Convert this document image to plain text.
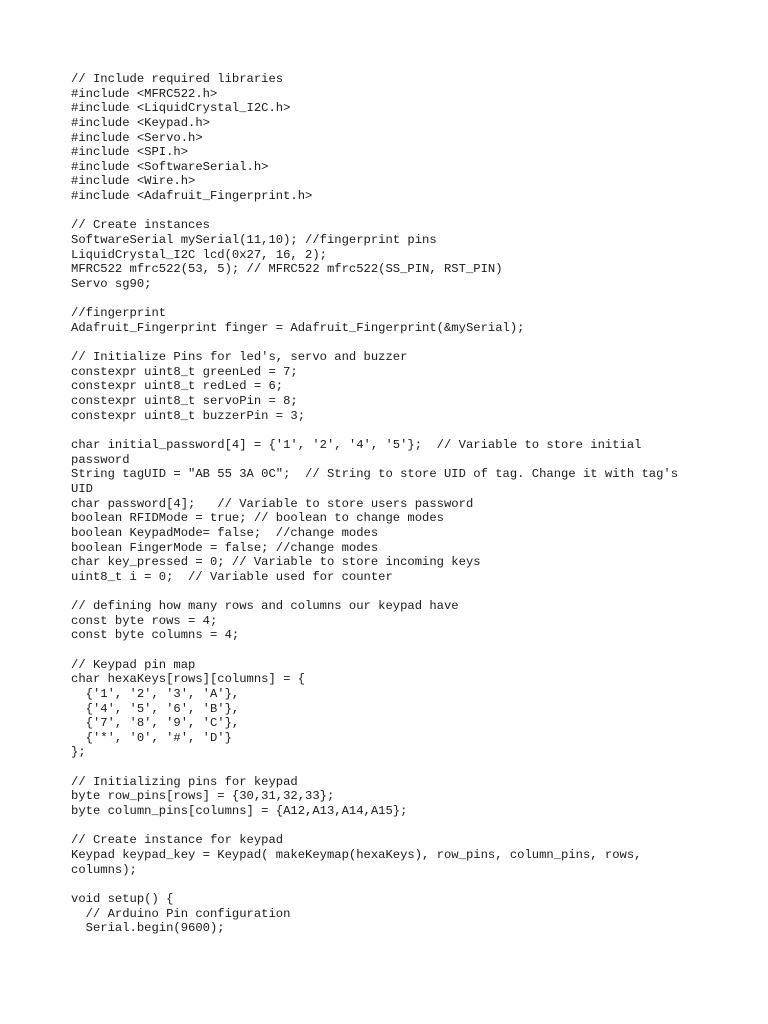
// Include required libraries
#include <MFRC522.h>
#include <LiquidCrystal_I2C.h>
#include <Keypad.h>
#include <Servo.h>
#include <SPI.h>
#include <SoftwareSerial.h>
#include <Wire.h>
#include <Adafruit_Fingerprint.h>
// Create instances
SoftwareSerial mySerial(11,10); //fingerprint pins
LiquidCrystal_I2C lcd(0x27, 16, 2);
MFRC522 mfrc522(53, 5); // MFRC522 mfrc522(SS_PIN, RST_PIN)
Servo sg90;
//fingerprint
Adafruit_Fingerprint finger = Adafruit_Fingerprint(&mySerial);
// Initialize Pins for led's, servo and buzzer
constexpr uint8_t greenLed = 7;
constexpr uint8_t redLed = 6;
constexpr uint8_t servoPin = 8;
constexpr uint8_t buzzerPin = 3;
char initial_password[4] = {'1', '2', '4', '5'};  // Variable to store initial
password
String tagUID = "AB 55 3A 0C";  // String to store UID of tag. Change it with tag's
UID
char password[4];   // Variable to store users password
boolean RFIDMode = true; // boolean to change modes
boolean KeypadMode= false;  //change modes
boolean FingerMode = false; //change modes
char key_pressed = 0; // Variable to store incoming keys
uint8_t i = 0;  // Variable used for counter
// defining how many rows and columns our keypad have
const byte rows = 4;
const byte columns = 4;
// Keypad pin map
char hexaKeys[rows][columns] = {
{'1', '2', '3', 'A'},
{'4', '5', '6', 'B'},
{'7', '8', '9', 'C'},
{'*', '0', '#', 'D'}
};
// Initializing pins for keypad
byte row_pins[rows] = {30,31,32,33};
byte column_pins[columns] = {A12,A13,A14,A15};
// Create instance for keypad
Keypad keypad_key = Keypad( makeKeymap(hexaKeys), row_pins, column_pins, rows,
columns);
void setup() {
// Arduino Pin configuration
Serial.begin(9600);
